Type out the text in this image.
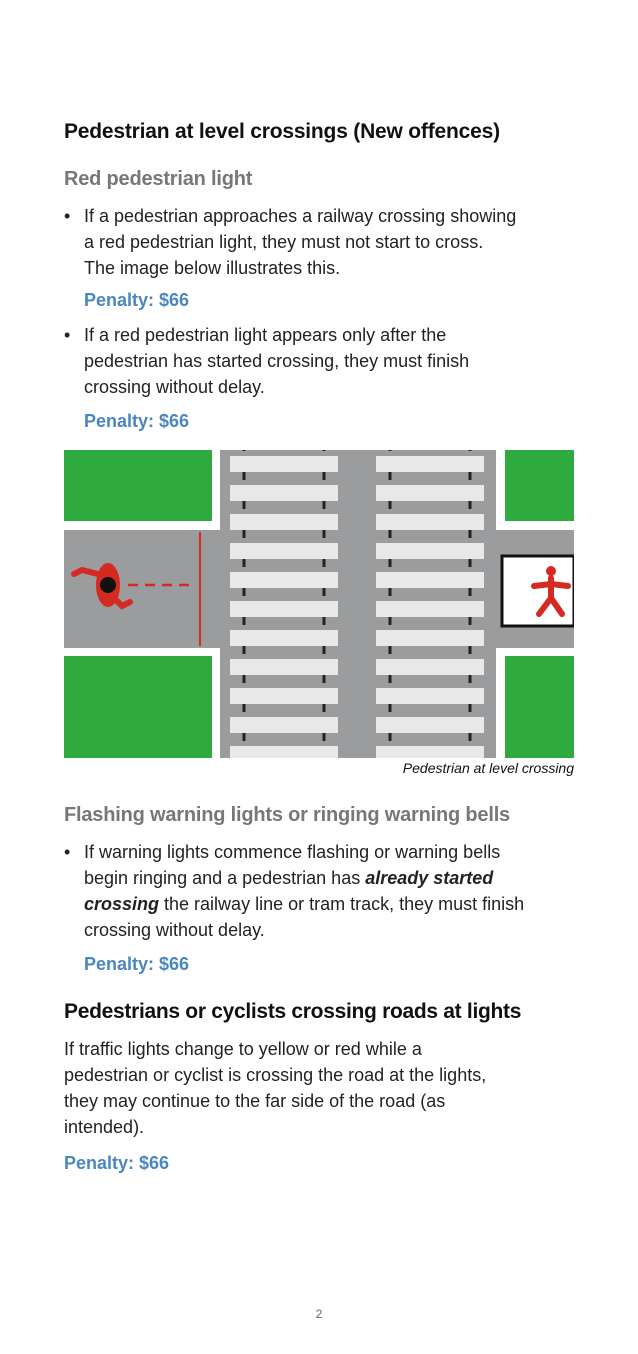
Pedestrian at level crossings (New offences)
Red pedestrian light
• If a pedestrian approaches a railway crossing showing
a red pedestrian light, they must not start to cross.
The image below illustrates this.
Penalty: $66
• If a red pedestrian light appears only after the
pedestrian has started crossing, they must finish
crossing without delay.
Penalty: $66
Pedestrian at level crossing
Flashing warning lights or ringing warning bells
• If warning lights commence flashing or warning bells
begin ringing and a pedestrian has already started
crossing the railway line or tram track, they must finish
crossing without delay.
Penalty: $66
Pedestrians or cyclists crossing roads at lights
If traffic lights change to yellow or red while a
pedestrian or cyclist is crossing the road at the lights,
they may continue to the far side of the road (as
intended).
Penalty: $66
2
